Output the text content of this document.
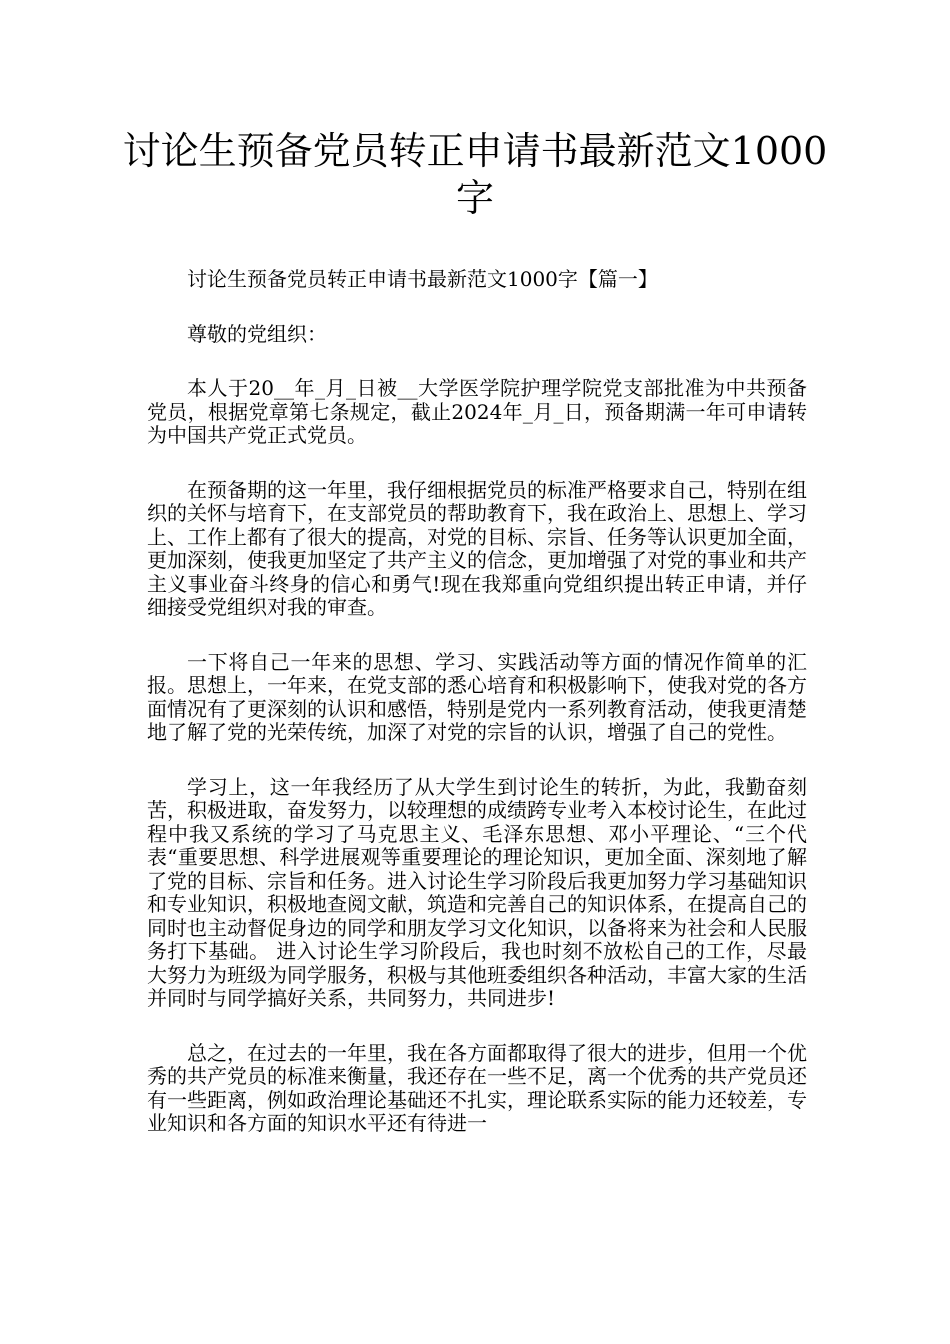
讨论生预备党员转正申请书最新范文1000字

讨论生预备党员转正申请书最新范文1000字【篇一】

尊敬的党组织：

本人于20__年_月_日被__大学医学院护理学院党支部批准为中共预备党员，根据党章第七条规定，截止2024年_月_日，预备期满一年可申请转为中国共产党正式党员。

在预备期的这一年里，我仔细根据党员的标准严格要求自己，特别在组织的关怀与培育下，在支部党员的帮助教育下，我在政治上、思想上、学习上、工作上都有了很大的提高，对党的目标、宗旨、任务等认识更加全面，更加深刻，使我更加坚定了共产主义的信念，更加增强了对党的事业和共产主义事业奋斗终身的信心和勇气!现在我郑重向党组织提出转正申请，并仔细接受党组织对我的审查。

一下将自己一年来的思想、学习、实践活动等方面的情况作简单的汇报。思想上，一年来，在党支部的悉心培育和积极影响下，使我对党的各方面情况有了更深刻的认识和感悟，特别是党内一系列教育活动，使我更清楚地了解了党的光荣传统，加深了对党的宗旨的认识，增强了自己的党性。

学习上，这一年我经历了从大学生到讨论生的转折，为此，我勤奋刻苦，积极进取，奋发努力，以较理想的成绩跨专业考入本校讨论生，在此过程中我又系统的学习了马克思主义、毛泽东思想、邓小平理论、“三个代表“重要思想、科学进展观等重要理论的理论知识，更加全面、深刻地了解了党的目标、宗旨和任务。进入讨论生学习阶段后我更加努力学习基础知识和专业知识，积极地查阅文献，筑造和完善自己的知识体系，在提高自己的同时也主动督促身边的同学和朋友学习文化知识，以备将来为社会和人民服务打下基础。 进入讨论生学习阶段后，我也时刻不放松自己的工作，尽最大努力为班级为同学服务，积极与其他班委组织各种活动，丰富大家的生活并同时与同学搞好关系，共同努力，共同进步!

总之，在过去的一年里，我在各方面都取得了很大的进步，但用一个优秀的共产党员的标准来衡量，我还存在一些不足，离一个优秀的共产党员还有一些距离，例如政治理论基础还不扎实，理论联系实际的能力还较差，专业知识和各方面的知识水平还有待进一
